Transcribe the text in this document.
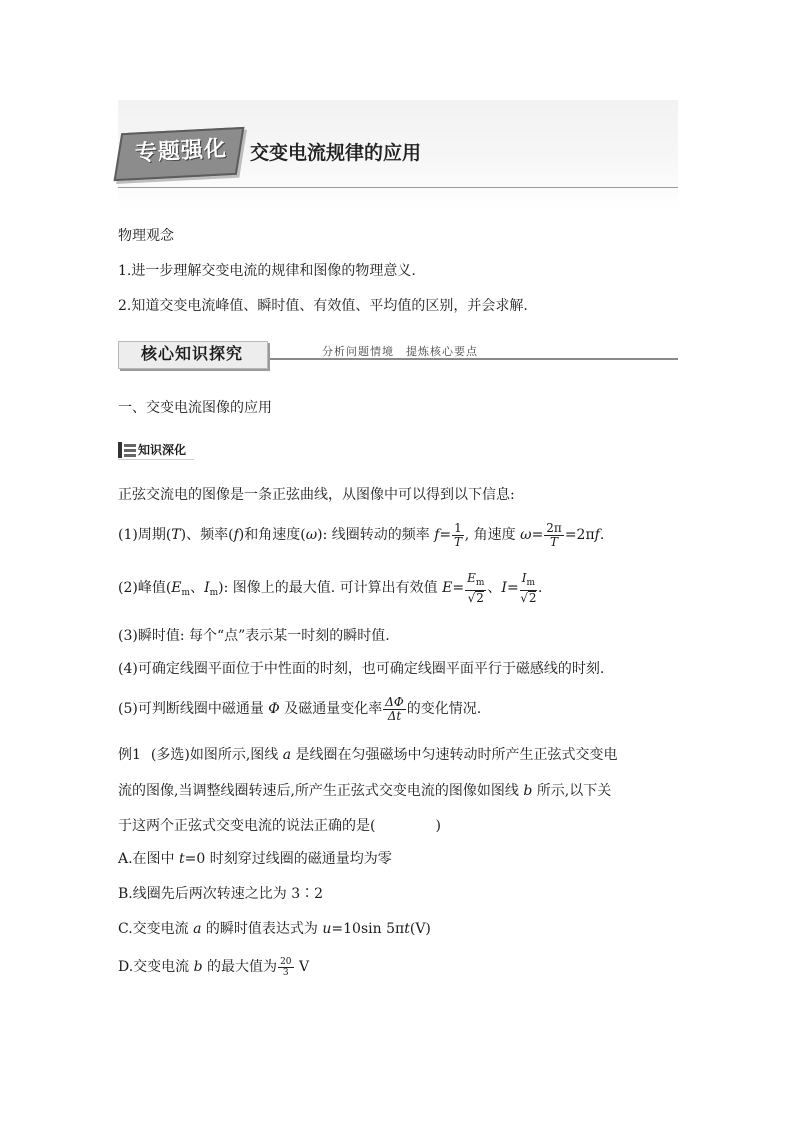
专题强化	交变电流规律的应用
物理观念
1.进一步理解交变电流的规律和图像的物理意义.
2.知道交变电流峰值、瞬时值、有效值、平均值的区别，并会求解.
核心知识探究	分析问题情境　提炼核心要点
一、交变电流图像的应用
知识深化
正弦交流电的图像是一条正弦曲线，从图像中可以得到以下信息:
(1)周期(T)、频率(f)和角速度(ω): 线圈转动的频率 $f= \frac{1}{T}$ , 角速度 $\omega= \frac{2\pi}{T} =2\pi f$.
(2)峰值($E_m$、$I_m$): 图像上的最大值. 可计算出有效值 $E= \frac{E_m}{√2}$ 、$I= \frac{I_m}{√2}$ .
(3)瞬时值: 每个“点”表示某一时刻的瞬时值.
(4)可确定线圈平面位于中性面的时刻，也可确定线圈平面平行于磁感线的时刻.
(5)可判断线圈中磁通量 Φ 及磁通量变化率 $\frac{\Delta\Phi}{\Delta t}$ 的变化情况.
例1 (多选)如图所示,图线 a 是线圈在匀强磁场中匀速转动时所产生正弦式交变电
流的图像,当调整线圈转速后,所产生正弦式交变电流的图像如图线 b 所示,以下关
于这两个正弦式交变电流的说法正确的是(	)
A.在图中 t=0 时刻穿过线圈的磁通量均为零
B.线圈先后两次转速之比为 3∶2
C.交变电流 a 的瞬时值表达式为 u=10sin 5πt(V)
D.交变电流 b 的最大值为 $\frac{20}{3}$ V
